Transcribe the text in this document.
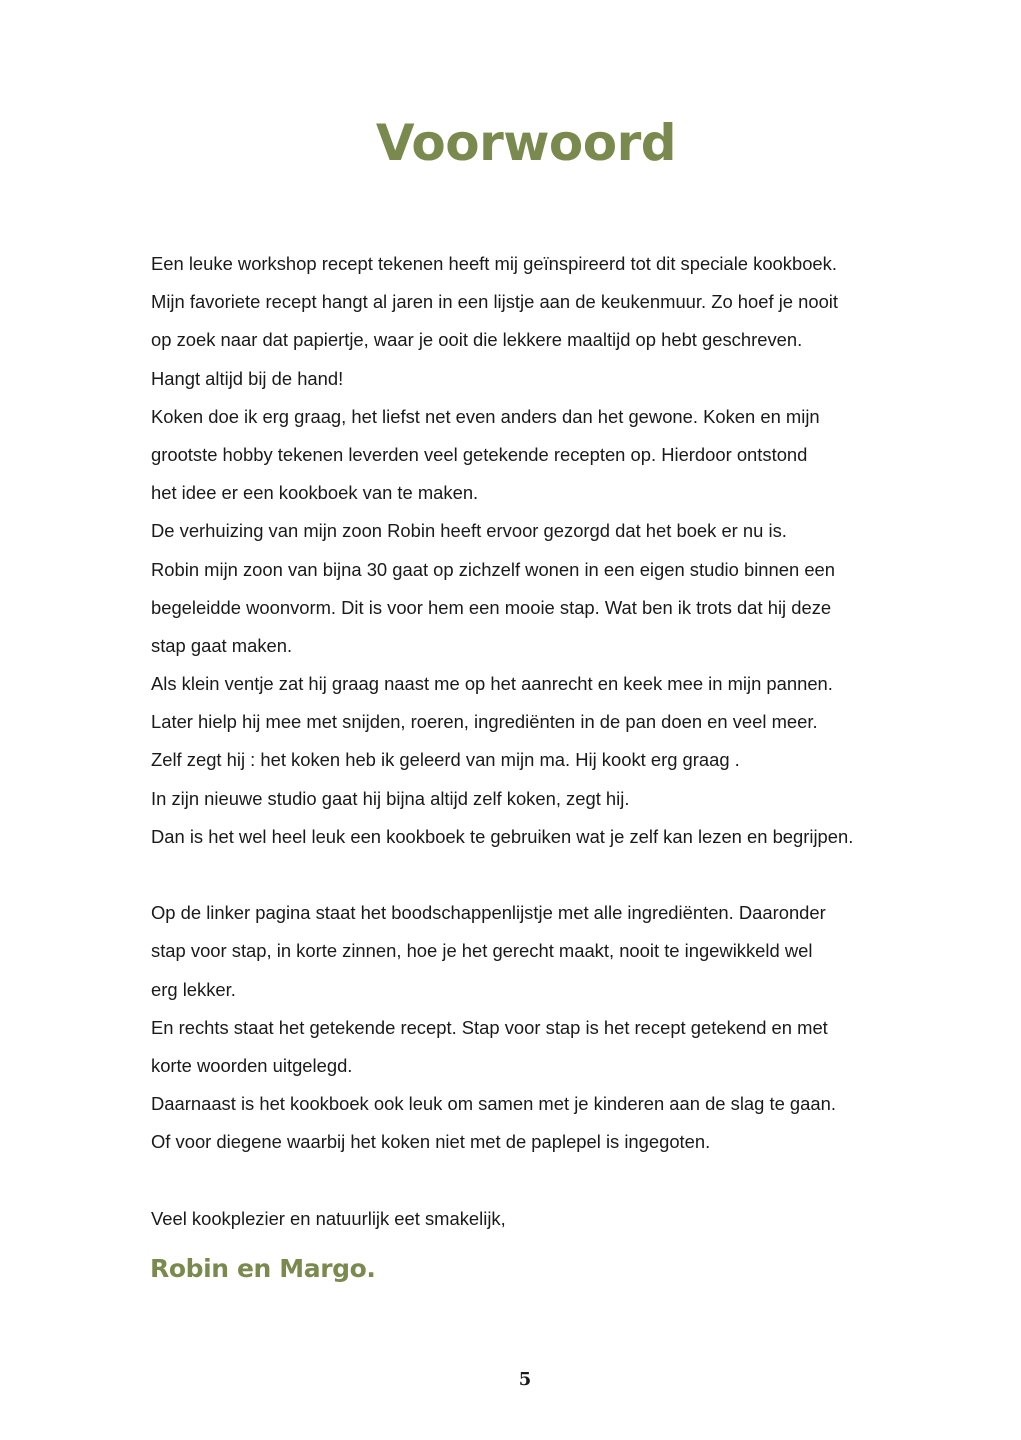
Voorwoord
Een leuke workshop recept tekenen heeft mij geïnspireerd tot dit speciale kookboek.
Mijn favoriete recept hangt al jaren in een lijstje aan de keukenmuur. Zo hoef je nooit
op zoek naar dat papiertje, waar je ooit die lekkere maaltijd op hebt geschreven.
Hangt altijd bij de hand!
Koken doe ik erg graag, het liefst net even anders dan het gewone. Koken en mijn
grootste hobby tekenen leverden veel getekende recepten op. Hierdoor ontstond
het idee er een kookboek van te maken.
De verhuizing van mijn zoon Robin heeft ervoor gezorgd dat het boek er nu is.
Robin mijn zoon van bijna 30 gaat op zichzelf wonen in een eigen studio binnen een
begeleidde woonvorm. Dit is voor hem een mooie stap. Wat ben ik trots dat hij deze
stap gaat maken.
Als klein ventje zat hij graag naast me op het aanrecht en keek mee in mijn pannen.
Later hielp hij mee met snijden, roeren, ingrediënten in de pan doen en veel meer.
Zelf zegt hij : het koken heb ik geleerd van mijn ma. Hij kookt erg graag .
In zijn nieuwe studio gaat hij bijna altijd zelf koken, zegt hij.
Dan is het wel heel leuk een kookboek te gebruiken wat je zelf kan lezen en begrijpen.
Op de linker pagina staat het boodschappenlijstje met alle ingrediënten. Daaronder
stap voor stap, in korte zinnen, hoe je het gerecht maakt, nooit te ingewikkeld wel
erg lekker.
En rechts staat het getekende recept. Stap voor stap is het recept getekend en met
korte woorden uitgelegd.
Daarnaast is het kookboek ook leuk om samen met je kinderen aan de slag te gaan.
Of voor diegene waarbij het koken niet met de paplepel is ingegoten.
Veel kookplezier en natuurlijk eet smakelijk,

Robin en Margo.

5
